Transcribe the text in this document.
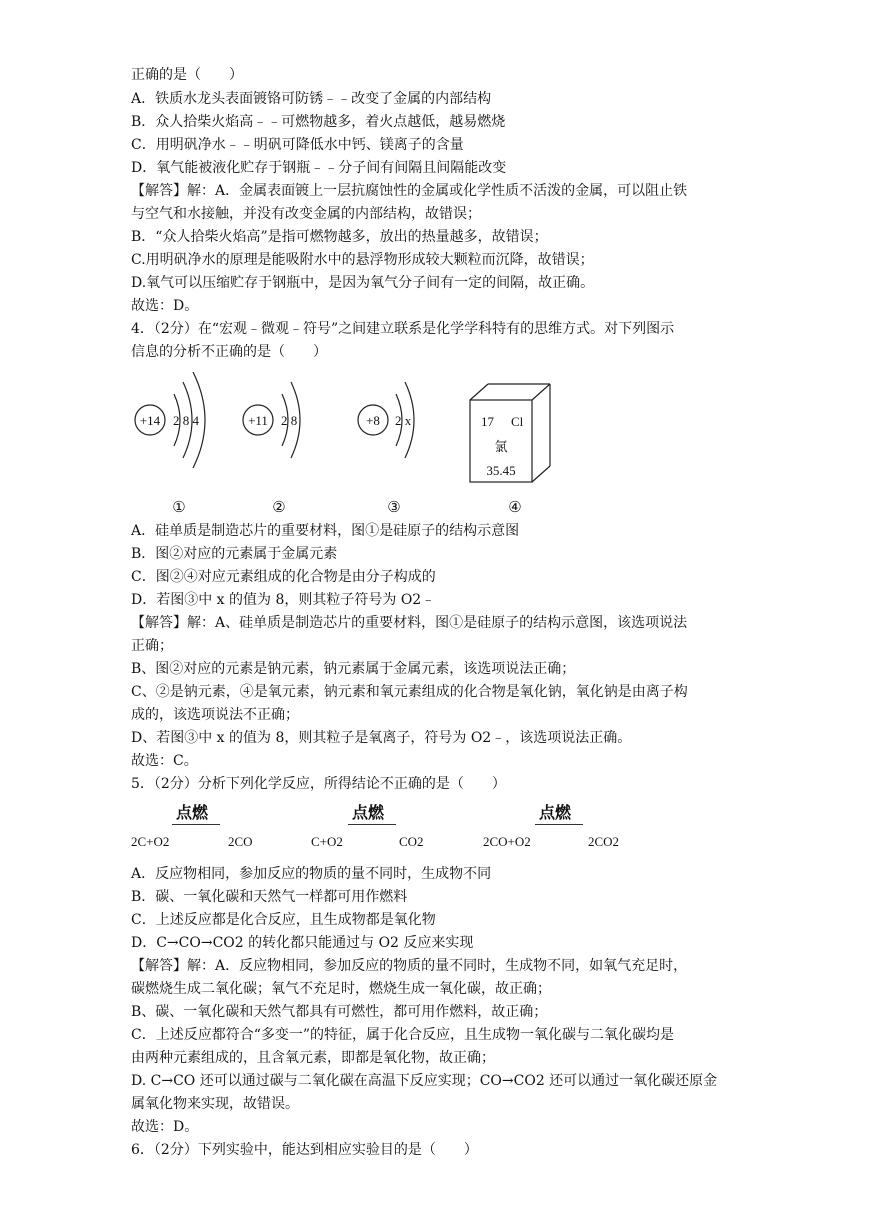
正确的是（　　）
A．铁质水龙头表面镀铬可防锈﹣﹣改变了金属的内部结构
B．众人拾柴火焰高﹣﹣可燃物越多，着火点越低，越易燃烧
C．用明矾净水﹣﹣明矾可降低水中钙、镁离子的含量
D．氧气能被液化贮存于钢瓶﹣﹣分子间有间隔且间隔能改变
【解答】解：A．金属表面镀上一层抗腐蚀性的金属或化学性质不活泼的金属，可以阻止铁
与空气和水接触，并没有改变金属的内部结构，故错误；
B．“众人拾柴火焰高”是指可燃物越多，放出的热量越多，故错误；
C.用明矾净水的原理是能吸附水中的悬浮物形成较大颗粒而沉降，故错误；
D.氧气可以压缩贮存于钢瓶中，是因为氧气分子间有一定的间隔，故正确。
故选：D。
4．（2分）在“宏观﹣微观﹣符号”之间建立联系是化学学科特有的思维方式。对下列图示
信息的分析不正确的是（　　）
+14 2 8 4	+11 2 8	+8 2 x	17 Cl
氯
35.45
①	②	③	④
A．硅单质是制造芯片的重要材料，图①是硅原子的结构示意图
B．图②对应的元素属于金属元素
C．图②④对应元素组成的化合物是由分子构成的
D．若图③中 x 的值为 8，则其粒子符号为 O2﹣
【解答】解：A、硅单质是制造芯片的重要材料，图①是硅原子的结构示意图，该选项说法
正确；
B、图②对应的元素是钠元素，钠元素属于金属元素，该选项说法正确；
C、②是钠元素，④是氧元素，钠元素和氧元素组成的化合物是氧化钠，氧化钠是由离子构
成的，该选项说法不正确；
D、若图③中 x 的值为 8，则其粒子是氧离子，符号为 O2﹣，该选项说法正确。
故选：C。
5．（2分）分析下列化学反应，所得结论不正确的是（　　）
点燃	点燃	点燃
2C+O2	2CO	C+O2	CO2	2CO+O2	2CO2
A．反应物相同，参加反应的物质的量不同时，生成物不同
B．碳、一氧化碳和天然气一样都可用作燃料
C．上述反应都是化合反应，且生成物都是氧化物
D．C→CO→CO2 的转化都只能通过与 O2 反应来实现
【解答】解：A．反应物相同，参加反应的物质的量不同时，生成物不同，如氧气充足时，
碳燃烧生成二氧化碳；氧气不充足时，燃烧生成一氧化碳，故正确；
B、碳、一氧化碳和天然气都具有可燃性，都可用作燃料，故正确；
C．上述反应都符合“多变一”的特征，属于化合反应，且生成物一氧化碳与二氧化碳均是
由两种元素组成的，且含氧元素，即都是氧化物，故正确；
D. C→CO 还可以通过碳与二氧化碳在高温下反应实现；CO→CO2 还可以通过一氧化碳还原金
属氧化物来实现，故错误。
故选：D。
6．（2分）下列实验中，能达到相应实验目的是（　　）
